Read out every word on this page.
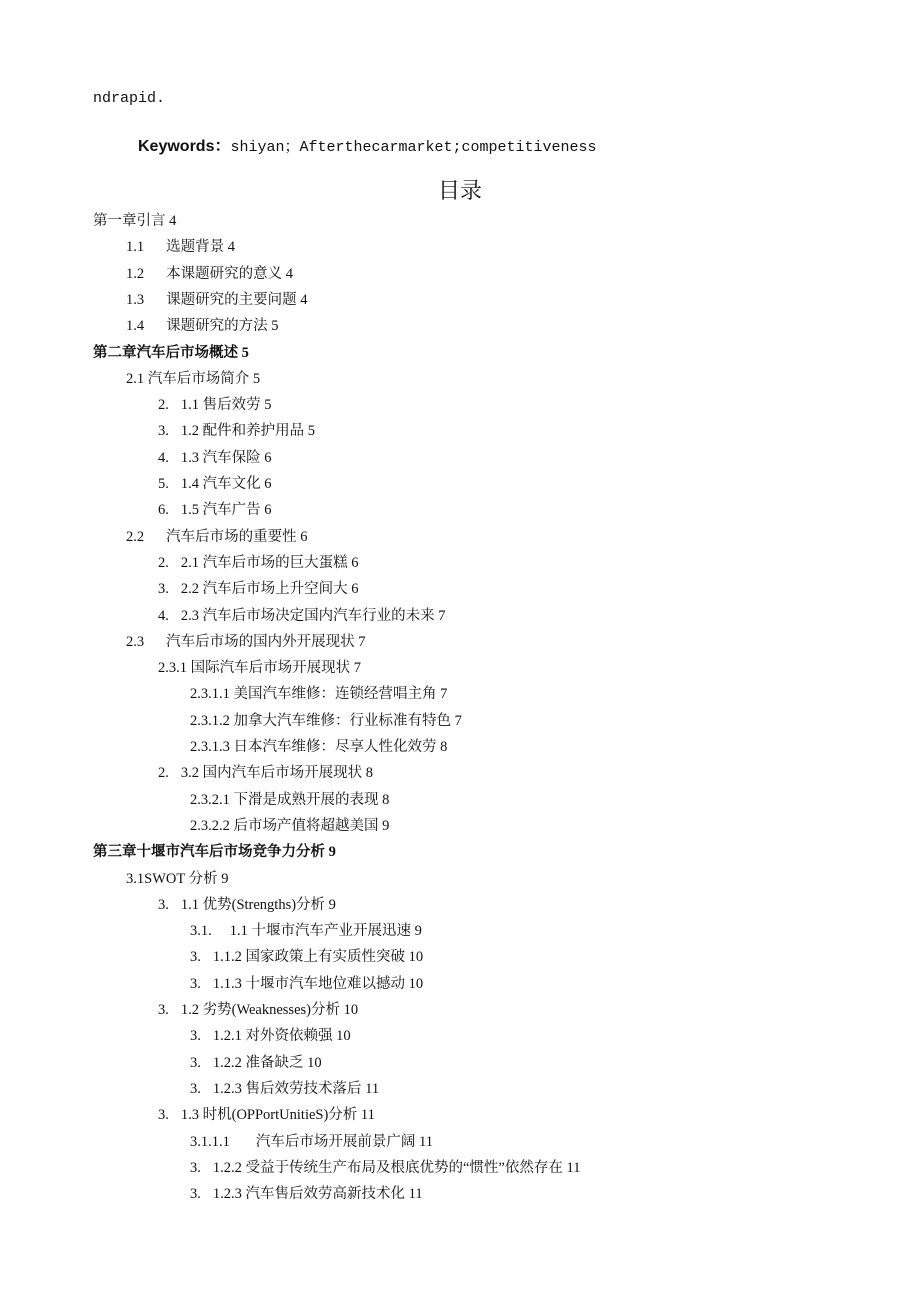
ndrapid.
Keywords：shiyan；Afterthecarmarket;competitiveness
目录
第一章引言 4
1.1 选题背景 4
1.2 本课题研究的意义 4
1.3 课题研究的主要问题 4
1.4 课题研究的方法 5
第二章汽车后市场概述 5
2.1 汽车后市场简介 5
2. 1.1 售后效劳 5
3. 1.2 配件和养护用品 5
4. 1.3 汽车保险 6
5. 1.4 汽车文化 6
6. 1.5 汽车广告 6
2.2 汽车后市场的重要性 6
2. 2.1 汽车后市场的巨大蛋糕 6
3. 2.2 汽车后市场上升空间大 6
4. 2.3 汽车后市场决定国内汽车行业的未来 7
2.3 汽车后市场的国内外开展现状 7
2.3.1 国际汽车后市场开展现状 7
2.3.1.1 美国汽车维修：连锁经营唱主角 7
2.3.1.2 加拿大汽车维修：行业标准有特色 7
2.3.1.3 日本汽车维修：尽享人性化效劳 8
2. 3.2 国内汽车后市场开展现状 8
2.3.2.1 下滑是成熟开展的表现 8
2.3.2.2 后市场产值将超越美国 9
第三章十堰市汽车后市场竞争力分析 9
3.1SWOT 分析 9
3. 1.1 优势(Strengths)分析 9
3.1. 1.1 十堰市汽车产业开展迅速 9
3. 1.1.2 国家政策上有实质性突破 10
3. 1.1.3 十堰市汽车地位难以撼动 10
3. 1.2 劣势(Weaknesses)分析 10
3. 1.2.1 对外资依赖强 10
3. 1.2.2 准备缺乏 10
3. 1.2.3 售后效劳技术落后 11
3. 1.3 时机(OPPortUnitieS)分析 11
3.1.1.1 汽车后市场开展前景广阔 11
3. 1.2.2 受益于传统生产布局及根底优势的“惯性”依然存在 11
3. 1.2.3 汽车售后效劳高新技术化 11
